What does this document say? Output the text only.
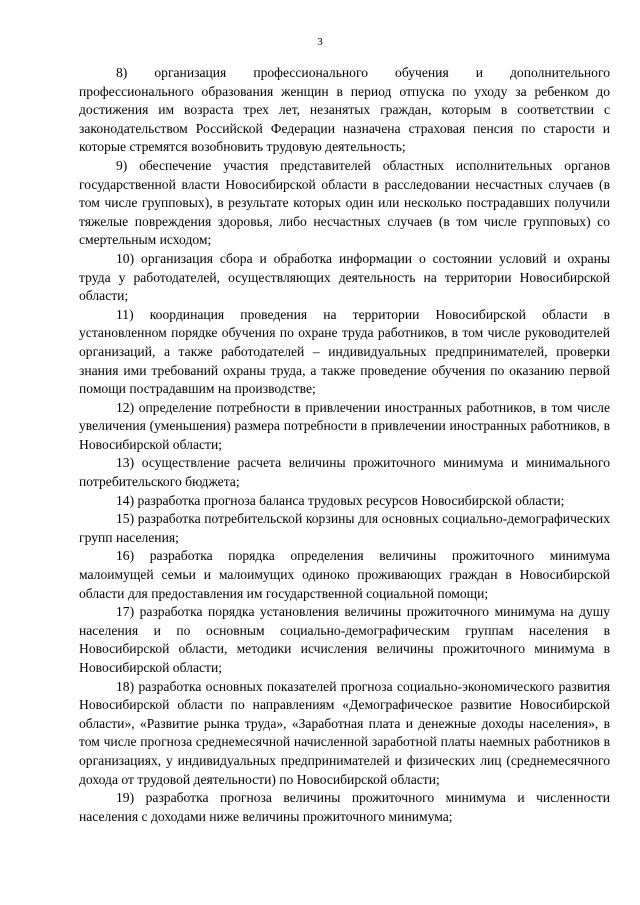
3

8) организация профессионального обучения и дополнительного профессионального образования женщин в период отпуска по уходу за ребенком до достижения им возраста трех лет, незанятых граждан, которым в соответствии с законодательством Российской Федерации назначена страховая пенсия по старости и которые стремятся возобновить трудовую деятельность;

9) обеспечение участия представителей областных исполнительных органов государственной власти Новосибирской области в расследовании несчастных случаев (в том числе групповых), в результате которых один или несколько пострадавших получили тяжелые повреждения здоровья, либо несчастных случаев (в том числе групповых) со смертельным исходом;

10) организация сбора и обработка информации о состоянии условий и охраны труда у работодателей, осуществляющих деятельность на территории Новосибирской области;

11) координация проведения на территории Новосибирской области в установленном порядке обучения по охране труда работников, в том числе руководителей организаций, а также работодателей – индивидуальных предпринимателей, проверки знания ими требований охраны труда, а также проведение обучения по оказанию первой помощи пострадавшим на производстве;

12) определение потребности в привлечении иностранных работников, в том числе увеличения (уменьшения) размера потребности в привлечении иностранных работников, в Новосибирской области;

13) осуществление расчета величины прожиточного минимума и минимального потребительского бюджета;

14) разработка прогноза баланса трудовых ресурсов Новосибирской области;

15) разработка потребительской корзины для основных социально-демографических групп населения;

16) разработка порядка определения величины прожиточного минимума малоимущей семьи и малоимущих одиноко проживающих граждан в Новосибирской области для предоставления им государственной социальной помощи;

17) разработка порядка установления величины прожиточного минимума на душу населения и по основным социально-демографическим группам населения в Новосибирской области, методики исчисления величины прожиточного минимума в Новосибирской области;

18) разработка основных показателей прогноза социально-экономического развития Новосибирской области по направлениям «Демографическое развитие Новосибирской области», «Развитие рынка труда», «Заработная плата и денежные доходы населения», в том числе прогноза среднемесячной начисленной заработной платы наемных работников в организациях, у индивидуальных предпринимателей и физических лиц (среднемесячного дохода от трудовой деятельности) по Новосибирской области;

19) разработка прогноза величины прожиточного минимума и численности населения с доходами ниже величины прожиточного минимума;
